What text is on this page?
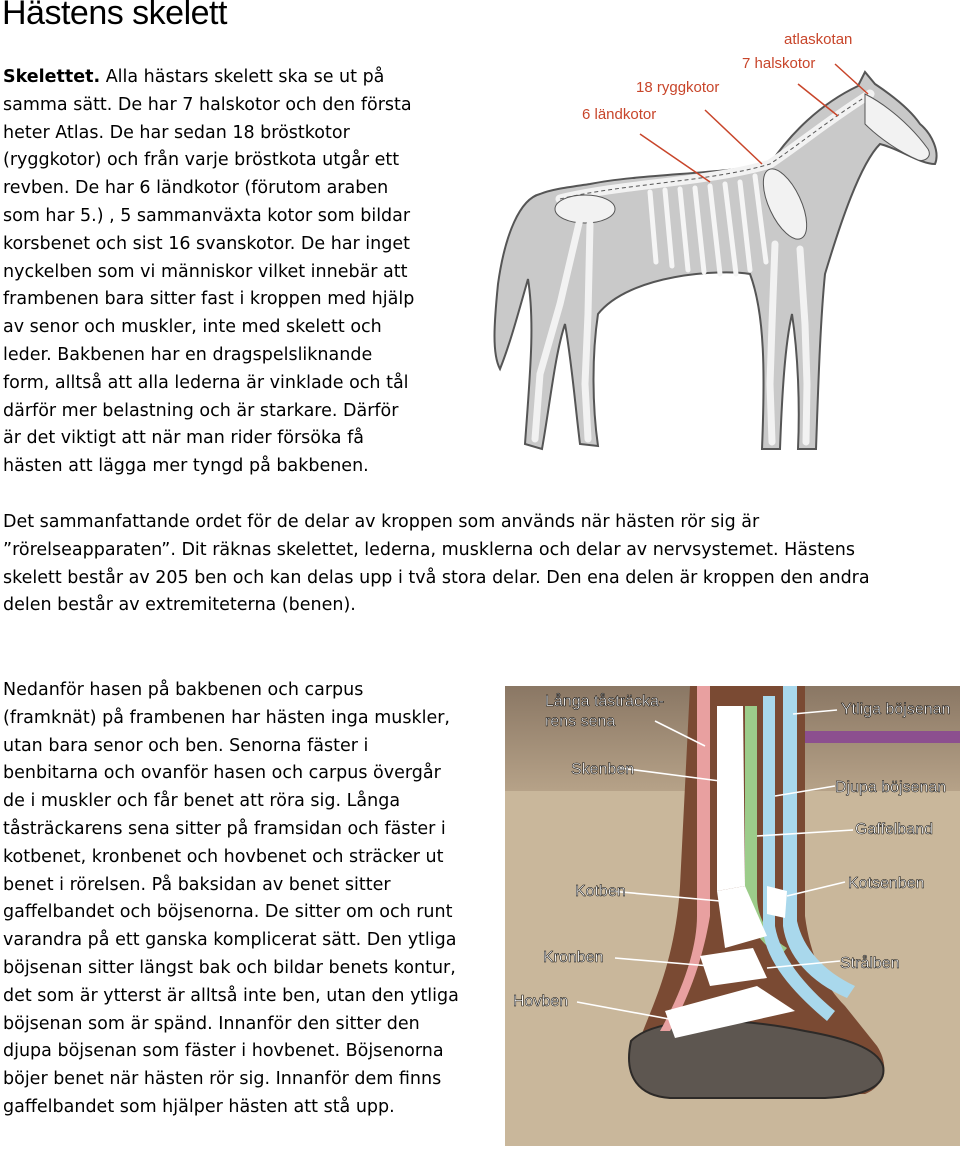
Hästens skelett
Skelettet. Alla hästars skelett ska se ut på
samma sätt. De har 7 halskotor och den första
heter Atlas. De har sedan 18 bröstkotor
(ryggkotor) och från varje bröstkota utgår ett
revben. De har 6 ländkotor (förutom araben
som har 5.) , 5 sammanväxta kotor som bildar
korsbenet och sist 16 svanskotor. De har inget
nyckelben som vi människor vilket innebär att
frambenen bara sitter fast i kroppen med hjälp
av senor och muskler, inte med skelett och
leder. Bakbenen har en dragspelsliknande
form, alltså att alla lederna är vinklade och tål
därför mer belastning och är starkare. Därför
är det viktigt att när man rider försöka få
hästen att lägga mer tyngd på bakbenen.
atlaskotan
7 halskotor
18 ryggkotor
6 ländkotor
Det sammanfattande ordet för de delar av kroppen som används när hästen rör sig är
”rörelseapparaten”. Dit räknas skelettet, lederna, musklerna och delar av nervsystemet. Hästens
skelett består av 205 ben och kan delas upp i två stora delar. Den ena delen är kroppen den andra
delen består av extremiteterna (benen).
Nedanför hasen på bakbenen och carpus
(framknät) på frambenen har hästen inga muskler,
utan bara senor och ben. Senorna fäster i
benbitarna och ovanför hasen och carpus övergår
de i muskler och får benet att röra sig. Långa
tåsträckarens sena sitter på framsidan och fäster i
kotbenet, kronbenet och hovbenet och sträcker ut
benet i rörelsen. På baksidan av benet sitter
gaffelbandet och böjsenorna. De sitter om och runt
varandra på ett ganska komplicerat sätt. Den ytliga
böjsenan sitter längst bak och bildar benets kontur,
det som är ytterst är alltså inte ben, utan den ytliga
böjsenan som är spänd. Innanför den sitter den
djupa böjsenan som fäster i hovbenet. Böjsenorna
böjer benet när hästen rör sig. Innanför dem finns
gaffelbandet som hjälper hästen att stå upp.
Långa tåsträcka-
rens sena
Skenben
Kotben
Kronben
Hovben
Ytliga böjsenan
Djupa böjsenan
Gaffelband
Kotsenben
Strålben
